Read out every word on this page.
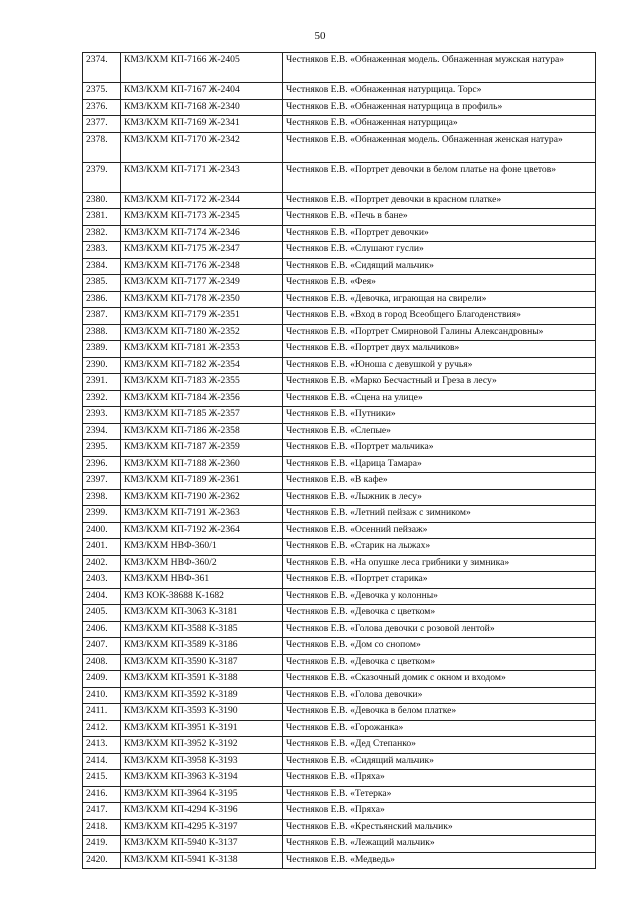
50
2374.	КМЗ/КХМ КП-7166 Ж-2405	Честняков Е.В. «Обнаженная модель. Обнаженная мужская натура»
2375.	КМЗ/КХМ КП-7167 Ж-2404	Честняков Е.В. «Обнаженная натурщица. Торс»
2376.	КМЗ/КХМ КП-7168 Ж-2340	Честняков Е.В. «Обнаженная натурщица в профиль»
2377.	КМЗ/КХМ КП-7169 Ж-2341	Честняков Е.В. «Обнаженная натурщица»
2378.	КМЗ/КХМ КП-7170 Ж-2342	Честняков Е.В. «Обнаженная модель. Обнаженная женская натура»
2379.	КМЗ/КХМ КП-7171 Ж-2343	Честняков Е.В. «Портрет девочки в белом платье на фоне цветов»
2380.	КМЗ/КХМ КП-7172 Ж-2344	Честняков Е.В. «Портрет девочки в красном платке»
2381.	КМЗ/КХМ КП-7173 Ж-2345	Честняков Е.В. «Печь в бане»
2382.	КМЗ/КХМ КП-7174 Ж-2346	Честняков Е.В. «Портрет девочки»
2383.	КМЗ/КХМ КП-7175 Ж-2347	Честняков Е.В. «Слушают гусли»
2384.	КМЗ/КХМ КП-7176 Ж-2348	Честняков Е.В. «Сидящий мальчик»
2385.	КМЗ/КХМ КП-7177 Ж-2349	Честняков Е.В. «Фея»
2386.	КМЗ/КХМ КП-7178 Ж-2350	Честняков Е.В. «Девочка, играющая на свирели»
2387.	КМЗ/КХМ КП-7179 Ж-2351	Честняков Е.В. «Вход в город Всеобщего Благоденствия»
2388.	КМЗ/КХМ КП-7180 Ж-2352	Честняков Е.В. «Портрет Смирновой Галины Александровны»
2389.	КМЗ/КХМ КП-7181 Ж-2353	Честняков Е.В. «Портрет двух мальчиков»
2390.	КМЗ/КХМ КП-7182 Ж-2354	Честняков Е.В. «Юноша с девушкой у ручья»
2391.	КМЗ/КХМ КП-7183 Ж-2355	Честняков Е.В. «Марко Бесчастный и Греза в лесу»
2392.	КМЗ/КХМ КП-7184 Ж-2356	Честняков Е.В. «Сцена на улице»
2393.	КМЗ/КХМ КП-7185 Ж-2357	Честняков Е.В. «Путники»
2394.	КМЗ/КХМ КП-7186 Ж-2358	Честняков Е.В. «Слепые»
2395.	КМЗ/КХМ КП-7187 Ж-2359	Честняков Е.В. «Портрет мальчика»
2396.	КМЗ/КХМ КП-7188 Ж-2360	Честняков Е.В. «Царица Тамара»
2397.	КМЗ/КХМ КП-7189 Ж-2361	Честняков Е.В. «В кафе»
2398.	КМЗ/КХМ КП-7190 Ж-2362	Честняков Е.В. «Лыжник в лесу»
2399.	КМЗ/КХМ КП-7191 Ж-2363	Честняков Е.В. «Летний пейзаж с зимником»
2400.	КМЗ/КХМ КП-7192 Ж-2364	Честняков Е.В. «Осенний пейзаж»
2401.	КМЗ/КХМ НВФ-360/1	Честняков Е.В. «Старик на лыжах»
2402.	КМЗ/КХМ НВФ-360/2	Честняков Е.В. «На опушке леса грибники у зимника»
2403.	КМЗ/КХМ НВФ-361	Честняков Е.В. «Портрет старика»
2404.	КМЗ КОК-38688 К-1682	Честняков Е.В. «Девочка у колонны»
2405.	КМЗ/КХМ КП-3063 К-3181	Честняков Е.В. «Девочка с цветком»
2406.	КМЗ/КХМ КП-3588 К-3185	Честняков Е.В. «Голова девочки с розовой лентой»
2407.	КМЗ/КХМ КП-3589 К-3186	Честняков Е.В. «Дом со снопом»
2408.	КМЗ/КХМ КП-3590 К-3187	Честняков Е.В. «Девочка с цветком»
2409.	КМЗ/КХМ КП-3591 К-3188	Честняков Е.В. «Сказочный домик с окном и входом»
2410.	КМЗ/КХМ КП-3592 К-3189	Честняков Е.В. «Голова девочки»
2411.	КМЗ/КХМ КП-3593 К-3190	Честняков Е.В. «Девочка в белом платке»
2412.	КМЗ/КХМ КП-3951 К-3191	Честняков Е.В. «Горожанка»
2413.	КМЗ/КХМ КП-3952 К-3192	Честняков Е.В. «Дед Степанко»
2414.	КМЗ/КХМ КП-3958 К-3193	Честняков Е.В. «Сидящий мальчик»
2415.	КМЗ/КХМ КП-3963 К-3194	Честняков Е.В. «Пряха»
2416.	КМЗ/КХМ КП-3964 К-3195	Честняков Е.В. «Тетерка»
2417.	КМЗ/КХМ КП-4294 К-3196	Честняков Е.В. «Пряха»
2418.	КМЗ/КХМ КП-4295 К-3197	Честняков Е.В. «Крестьянский мальчик»
2419.	КМЗ/КХМ КП-5940 К-3137	Честняков Е.В. «Лежащий мальчик»
2420.	КМЗ/КХМ КП-5941 К-3138	Честняков Е.В. «Медведь»
